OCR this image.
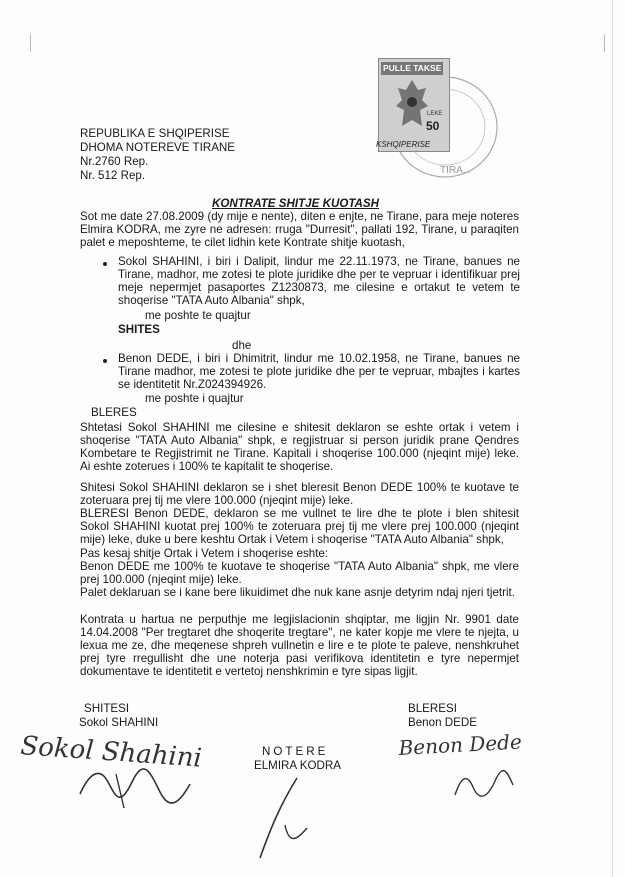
TIRA...
PULLE TAKSE
50
LEKE
KSHQIPERISE
REPUBLIKA E SHQIPERISE
DHOMA NOTEREVE TIRANE
Nr.2760 Rep.
Nr. 512 Rep.
KONTRATE SHITJE KUOTASH
Sot me date 27.08.2009 (dy mije e nente), diten e enjte, ne Tirane, para meje noteres Elmira KODRA, me zyre ne adresen: rruga "Durresit", pallati 192, Tirane, u paraqiten palet e meposhteme, te cilet lidhin kete Kontrate shitje kuotash,
Sokol SHAHINI, i biri i Dalipit, lindur me 22.11.1973, ne Tirane, banues ne Tirane, madhor, me zotesi te plote juridike dhe per te vepruar i identifikuar prej meje nepermjet pasaportes Z1230873, me cilesine e ortakut te vetem te shoqerise "TATA Auto Albania" shpk,
me poshte te quajtur
SHITES
dhe
Benon DEDE, i biri i Dhimitrit, lindur me 10.02.1958, ne Tirane, banues ne Tirane madhor, me zotesi te plote juridike dhe per te vepruar, mbajtes i kartes se identitetit Nr.Z024394926.
me poshte i quajtur
BLERES
Shtetasi Sokol SHAHINI me cilesine e shitesit deklaron se eshte ortak i vetem i shoqerise "TATA Auto Albania" shpk, e regjistruar si person juridik prane Qendres Kombetare te Regjistrimit ne Tirane. Kapitali i shoqerise 100.000 (njeqint mije) leke. Ai eshte zoterues i 100% te kapitalit te shoqerise.
Shitesi Sokol SHAHINI deklaron se i shet bleresit Benon DEDE 100% te kuotave te zoteruara prej tij me vlere 100.000 (njeqint mije) leke.
BLERESI Benon DEDE, deklaron se me vullnet te lire dhe te plote i blen shitesit Sokol SHAHINI kuotat prej 100% te zoteruara prej tij me vlere prej 100.000 (njeqint mije) leke, duke u bere keshtu Ortak i Vetem i shoqerise "TATA Auto Albania" shpk,
Pas kesaj shitje Ortak i Vetem i shoqerise eshte:
Benon DEDE me 100% te kuotave te shoqerise "TATA Auto Albania" shpk, me vlere prej 100.000 (njeqint mije) leke.
Palet deklaruan se i kane bere likuidimet dhe nuk kane asnje detyrim ndaj njeri tjetrit.
Kontrata u hartua ne perputhje me legjislacionin shqiptar, me ligjin Nr. 9901 date 14.04.2008 "Per tregtaret dhe shoqerite tregtare", ne kater kopje me vlere te njejta, u lexua me ze, dhe meqenese shpreh vullnetin e lire e te plote te paleve, nenshkruhet prej tyre rregullisht dhe une noterja pasi verifikova identitetin e tyre nepermjet dokumentave te identitetit e vertetoj nenshkrimin e tyre sipas ligjit.
SHITESI
Sokol SHAHINI
BLERESI
Benon DEDE
NOTERE
ELMIRA KODRA
Sokol Shahini	Benon Dede
